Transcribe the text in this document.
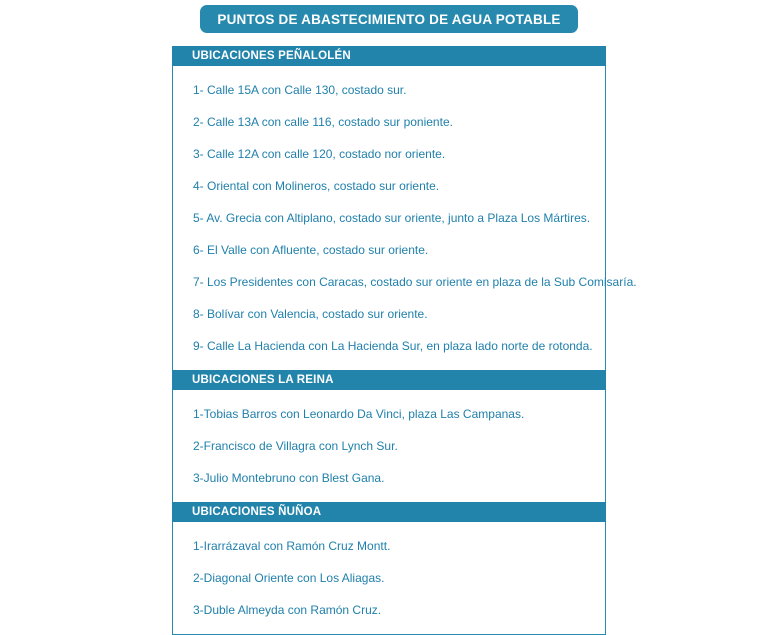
PUNTOS DE ABASTECIMIENTO DE AGUA POTABLE
UBICACIONES PEÑALOLÉN
1- Calle 15A con Calle 130, costado sur.
2- Calle 13A con calle 116, costado sur poniente.
3- Calle 12A con calle 120, costado nor oriente.
4- Oriental con Molineros, costado sur oriente.
5- Av. Grecia con Altiplano, costado sur oriente, junto a Plaza Los Mártires.
6- El Valle con Afluente, costado sur oriente.
7- Los Presidentes con Caracas, costado sur oriente en plaza de la Sub Comisaría.
8- Bolívar con Valencia, costado sur oriente.
9- Calle La Hacienda con La Hacienda Sur, en plaza lado norte de rotonda.
UBICACIONES LA REINA
1-Tobias Barros con Leonardo Da Vinci, plaza Las Campanas.
2-Francisco de Villagra con Lynch Sur.
3-Julio Montebruno con Blest Gana.
UBICACIONES ÑUÑOA
1-Irarrázaval con Ramón Cruz Montt.
2-Diagonal Oriente con Los Aliagas.
3-Duble Almeyda con Ramón Cruz.
